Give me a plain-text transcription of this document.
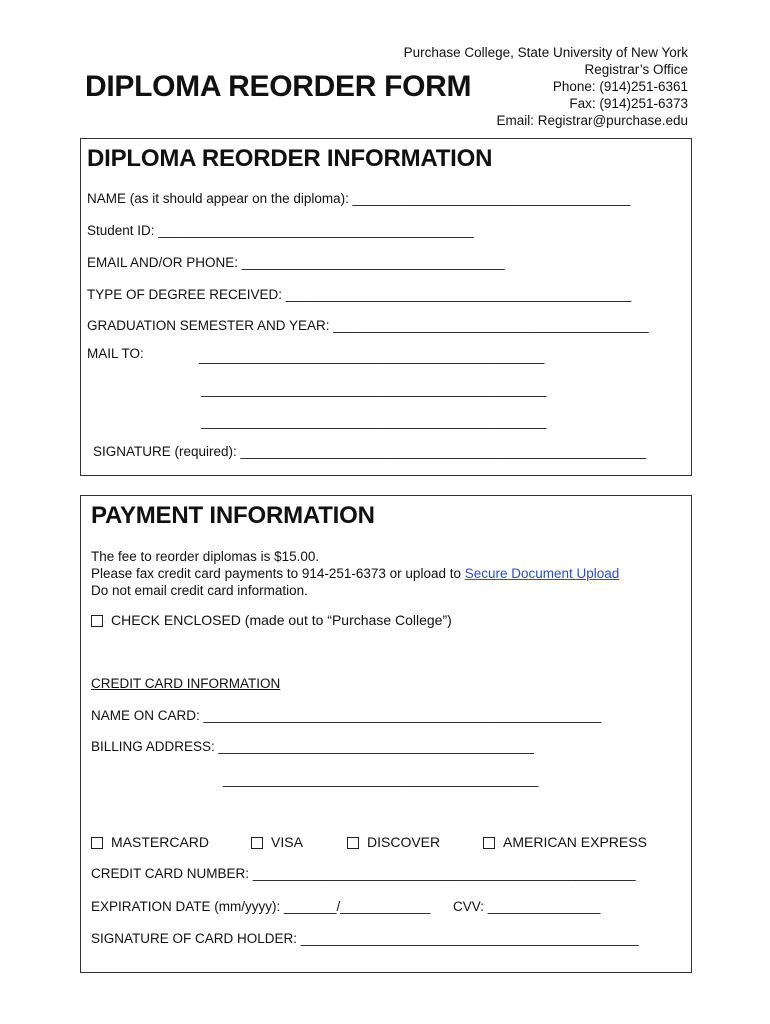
DIPLOMA REORDER FORM
Purchase College, State University of New York
Registrar’s Office
Phone: (914)251-6361
Fax: (914)251-6373
Email: Registrar@purchase.edu
DIPLOMA REORDER INFORMATION
NAME (as it should appear on the diploma): _____________________________________
Student ID: __________________________________________
EMAIL AND/OR PHONE: ___________________________________
TYPE OF DEGREE RECEIVED: ______________________________________________
GRADUATION SEMESTER AND YEAR: __________________________________________
MAIL TO:	______________________________________________
______________________________________________
______________________________________________
SIGNATURE (required): ______________________________________________________
PAYMENT INFORMATION
The fee to reorder diplomas is $15.00.
Please fax credit card payments to 914-251-6373 or upload to Secure Document Upload
Do not email credit card information.
CHECK ENCLOSED (made out to “Purchase College”)
CREDIT CARD INFORMATION
NAME ON CARD: _____________________________________________________
BILLING ADDRESS: __________________________________________
__________________________________________
MASTERCARD	VISA	DISCOVER	AMERICAN EXPRESS
CREDIT CARD NUMBER: ___________________________________________________
EXPIRATION DATE (mm/yyyy): _______/____________ CVV: _______________
SIGNATURE OF CARD HOLDER: _____________________________________________
